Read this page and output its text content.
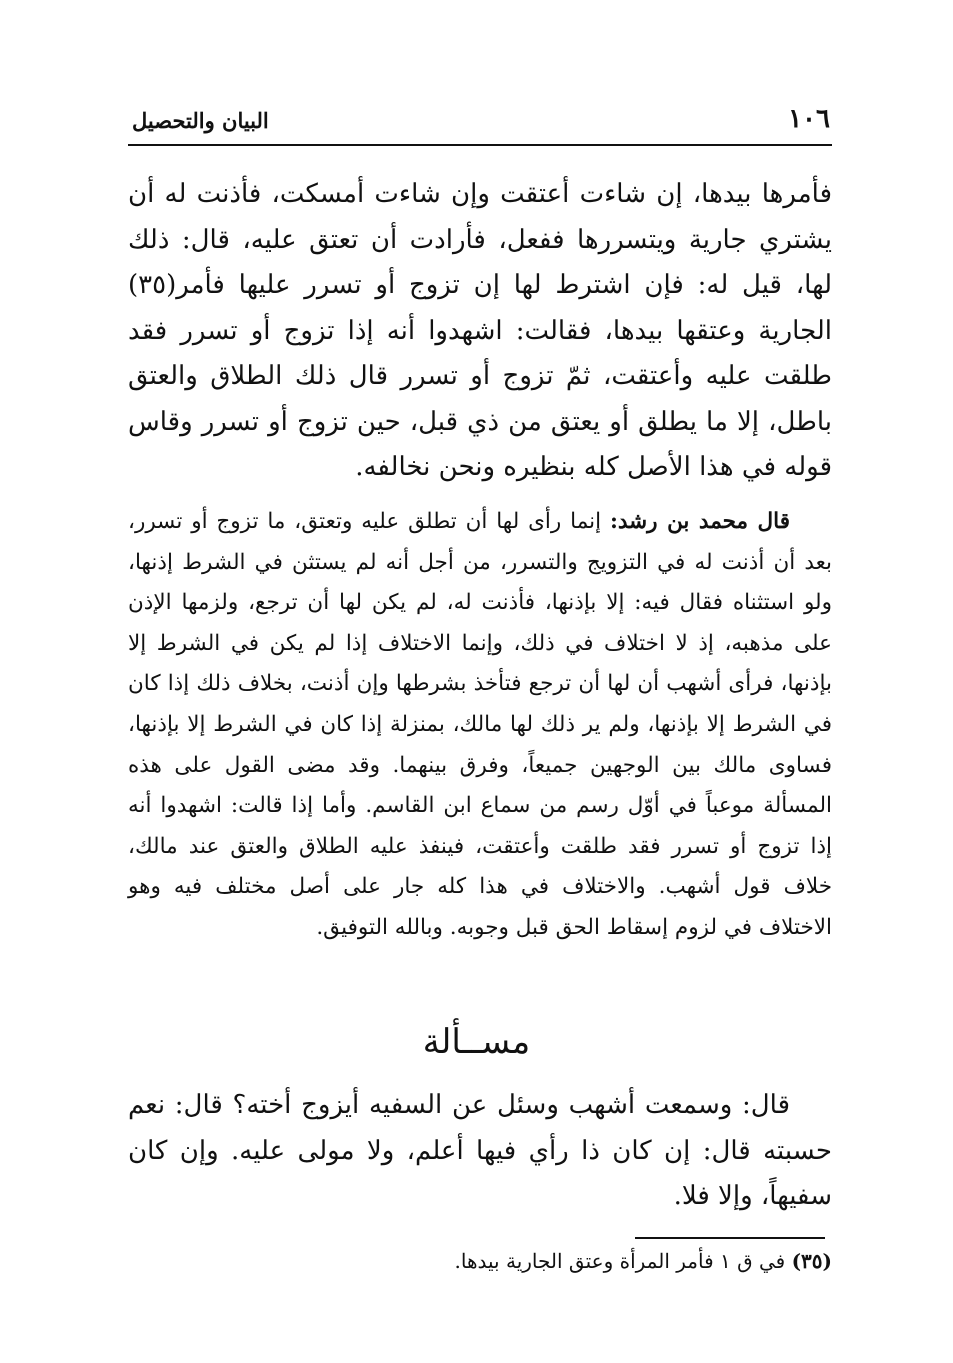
١٠٦
البيان والتحصيل

فأمرها بيدها، إن شاءت أعتقت وإن شاءت أمسكت، فأذنت له أن يشتري جارية ويتسررها ففعل، فأرادت أن تعتق عليه، قال: ذلك لها، قيل له: فإن اشترط لها إن تزوج أو تسرر عليها فأمر(٣٥) الجارية وعتقها بيدها، فقالت: اشهدوا أنه إذا تزوج أو تسرر فقد طلقت عليه وأعتقت، ثمّ تزوج أو تسرر قال ذلك الطلاق والعتق باطل، إلا ما يطلق أو يعتق من ذي قبل، حين تزوج أو تسرر وقاس قوله في هذا الأصل كله بنظيره ونحن نخالفه.

قال محمد بن رشد: إنما رأى لها أن تطلق عليه وتعتق، ما تزوج أو تسرر، بعد أن أذنت له في التزويج والتسرر، من أجل أنه لم يستثن في الشرط إذنها، ولو استثناه فقال فيه: إلا بإذنها، فأذنت له، لم يكن لها أن ترجع، ولزمها الإذن على مذهبه، إذ لا اختلاف في ذلك، وإنما الاختلاف إذا لم يكن في الشرط إلا بإذنها، فرأى أشهب أن لها أن ترجع فتأخذ بشرطها وإن أذنت، بخلاف ذلك إذا كان في الشرط إلا بإذنها، ولم ير ذلك لها مالك، بمنزلة إذا كان في الشرط إلا بإذنها، فساوى مالك بين الوجهين جميعاً، وفرق بينهما. وقد مضى القول على هذه المسألة موعباً في أوّل رسم من سماع ابن القاسم. وأما إذا قالت: اشهدوا أنه إذا تزوج أو تسرر فقد طلقت وأعتقت، فينفذ عليه الطلاق والعتق عند مالك، خلاف قول أشهب. والاختلاف في هذا كله جار على أصل مختلف فيه وهو الاختلاف في لزوم إسقاط الحق قبل وجوبه. وبالله التوفيق.

مســألة

قال: وسمعت أشهب وسئل عن السفيه أيزوج أخته؟ قال: نعم حسبته قال: إن كان ذا رأي فيها أعلم، ولا مولى عليه. وإن كان سفيهاً، وإلا فلا.

(٣٥) في ق ١ فأمر المرأة وعتق الجارية بيدها.
